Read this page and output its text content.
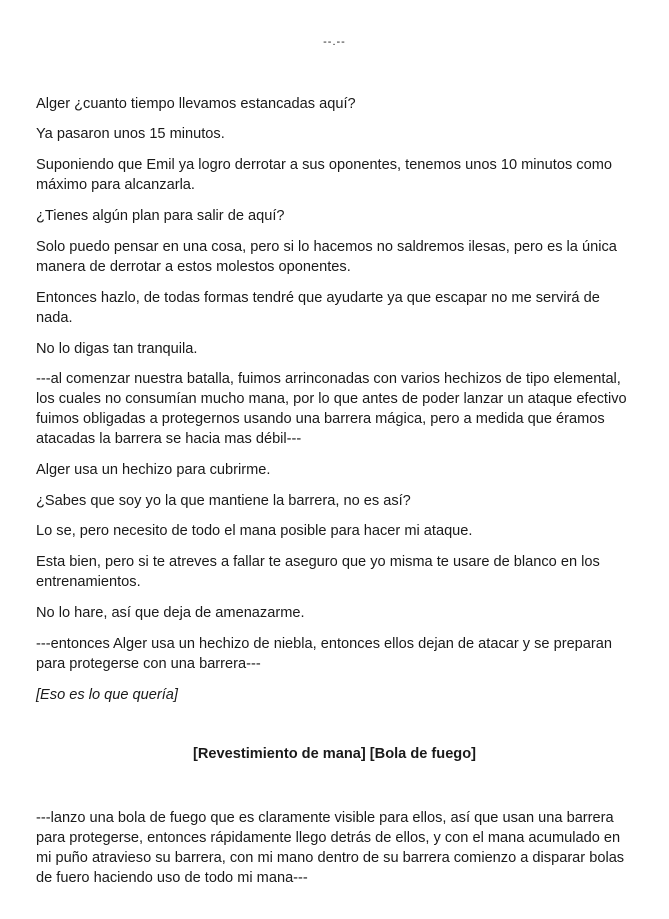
--.--

Alger ¿cuanto tiempo llevamos estancadas aquí?

Ya pasaron unos 15 minutos.

Suponiendo que Emil ya logro derrotar a sus oponentes, tenemos unos 10 minutos como máximo para alcanzarla.

¿Tienes algún plan para salir de aquí?

Solo puedo pensar en una cosa, pero si lo hacemos no saldremos ilesas, pero es la única manera de derrotar a estos molestos oponentes.

Entonces hazlo, de todas formas tendré que ayudarte ya que escapar no me servirá de nada.

No lo digas tan tranquila.

---al comenzar nuestra batalla, fuimos arrinconadas con varios hechizos de tipo elemental, los cuales no consumían mucho mana, por lo que antes de poder lanzar un ataque efectivo fuimos obligadas a protegernos usando una barrera mágica, pero a medida que éramos atacadas la barrera se hacia mas débil---

Alger usa un hechizo para cubrirme.

¿Sabes que soy yo la que mantiene la barrera, no es así?

Lo se, pero necesito de todo el mana posible para hacer mi ataque.

Esta bien, pero si te atreves a fallar te aseguro que yo misma te usare de blanco en los entrenamientos.

No lo hare, así que deja de amenazarme.

---entonces Alger usa un hechizo de niebla, entonces ellos dejan de atacar y se preparan para protegerse con una barrera---

[Eso es lo que quería]

[Revestimiento de mana] [Bola de fuego]

---lanzo una bola de fuego que es claramente visible para ellos, así que usan una barrera para protegerse, entonces rápidamente llego detrás de ellos, y con el mana acumulado en mi puño atravieso su barrera, con mi mano dentro de su barrera comienzo a disparar bolas de fuero haciendo uso de todo mi mana---
